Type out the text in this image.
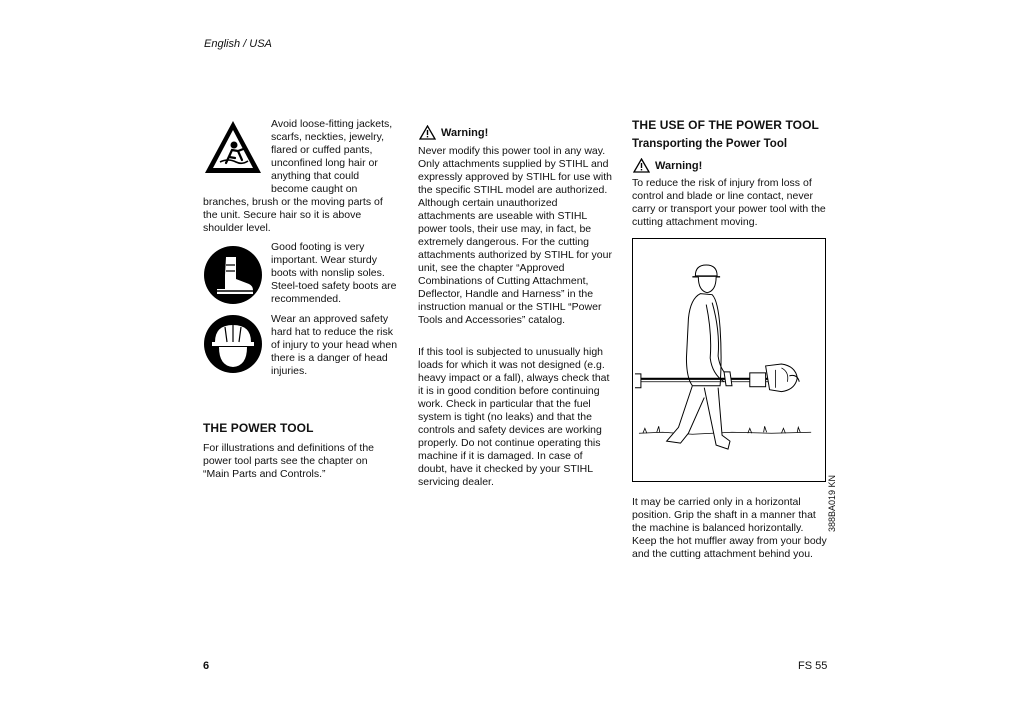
English / USA

Avoid loose-fitting jackets, scarfs, neckties, jewelry, flared or cuffed pants, unconfined long hair or anything that could become caught on

branches, brush or the moving parts of the unit. Secure hair so it is above shoulder level.

Good footing is very important. Wear sturdy boots with nonslip soles. Steel-toed safety boots are recommended.

Wear an approved safety hard hat to reduce the risk of injury to your head when there is a danger of head injuries.

THE POWER TOOL

For illustrations and definitions of the power tool parts see the chapter on “Main Parts and Controls.”

Warning!

Never modify this power tool in any way. Only attachments supplied by STIHL and expressly approved by STIHL for use with the specific STIHL model are authorized. Although certain unauthorized attachments are useable with STIHL power tools, their use may, in fact, be extremely dangerous. For the cutting attachments authorized by STIHL for your unit, see the chapter “Approved Combinations of Cutting Attachment, Deflector, Handle and Harness” in the instruction manual or the STIHL “Power Tools and Accessories” catalog.

If this tool is subjected to unusually high loads for which it was not designed (e.g. heavy impact or a fall), always check that it is in good condition before continuing work. Check in particular that the fuel system is tight (no leaks) and that the controls and safety devices are working properly. Do not continue operating this machine if it is damaged. In case of doubt, have it checked by your STIHL servicing dealer.

THE USE OF THE POWER TOOL
Transporting the Power Tool
Warning!

To reduce the risk of injury from loss of control and blade or line contact, never carry or transport your power tool with the cutting attachment moving.

388BA019 KN

It may be carried only in a horizontal position. Grip the shaft in a manner that the machine is balanced horizontally. Keep the hot muffler away from your body and the cutting attachment behind you.

6	FS 55
